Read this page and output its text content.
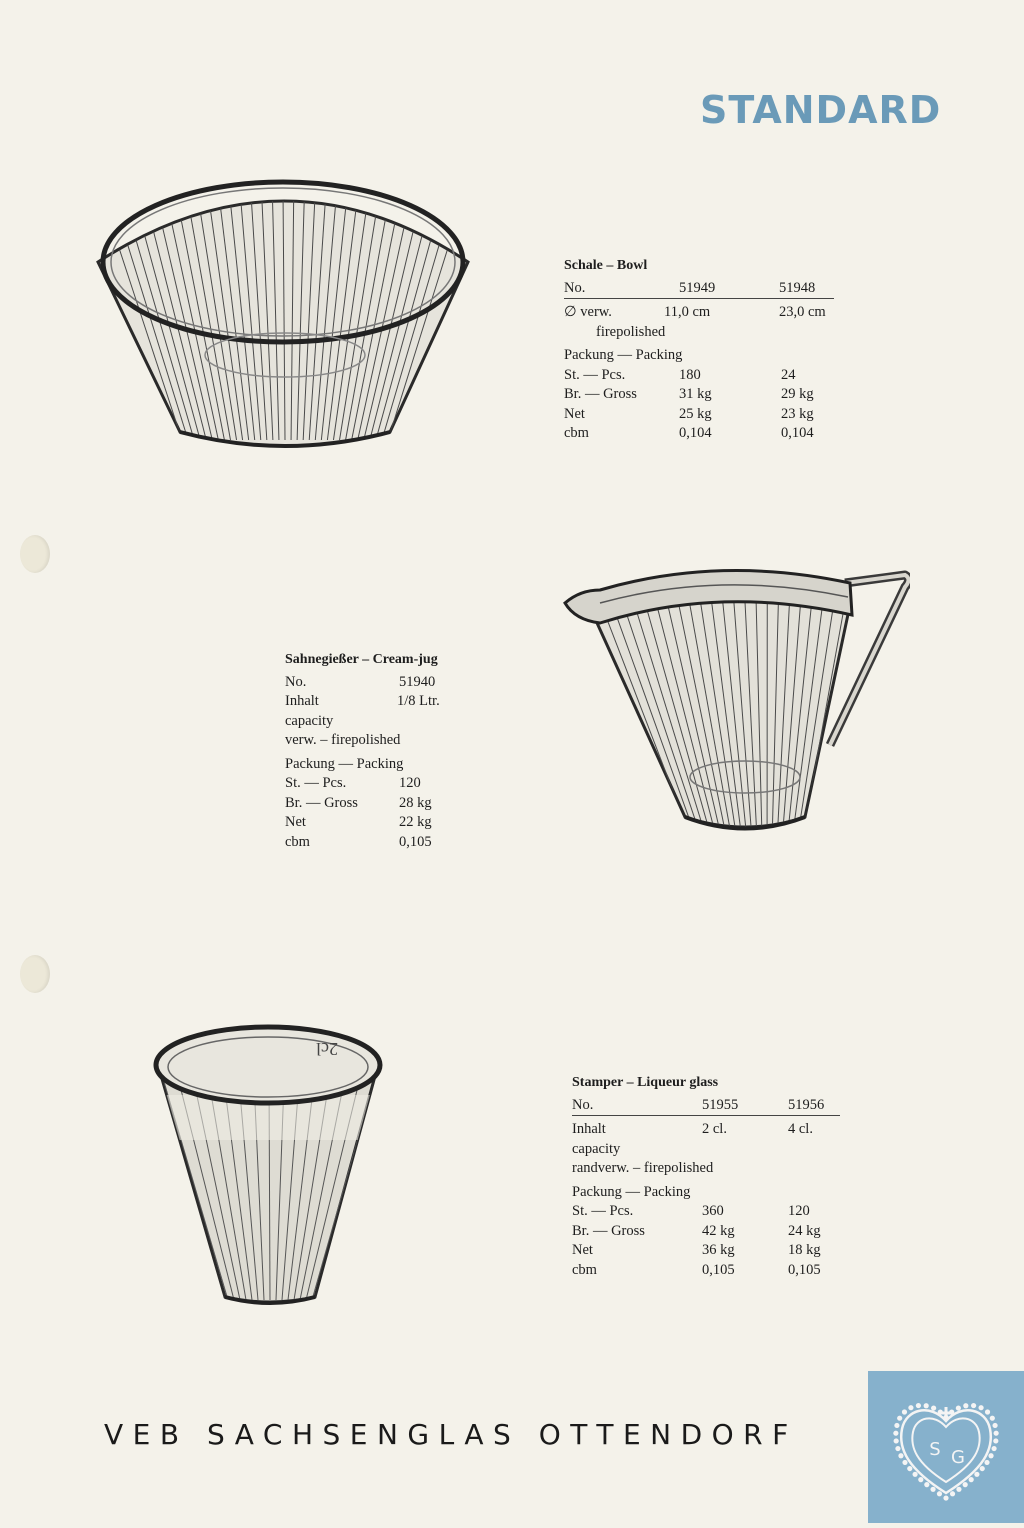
STANDARD
Schale – Bowl
No.	51949	51948
∅ verw.	11,0 cm	23,0 cm
firepolished
Packung — Packing
St. — Pcs.	180	24
Br. — Gross	31 kg	29 kg
Net	25 kg	23 kg
cbm	0,104	0,104
Sahnegießer – Cream-jug
No.	51940
Inhalt	1/8 Ltr.
capacity
verw. – firepolished
Packung — Packing
St. — Pcs.	120
Br. — Gross	28 kg
Net	22 kg
cbm	0,105
2cl
Stamper – Liqueur glass
No.	51955	51956
Inhalt	2 cl.	4 cl.
capacity
randverw. – firepolished
Packung — Packing
St. — Pcs.	360	120
Br. — Gross	42 kg	24 kg
Net	36 kg	18 kg
cbm	0,105	0,105
VEB SACHSENGLAS OTTENDORF	S G
